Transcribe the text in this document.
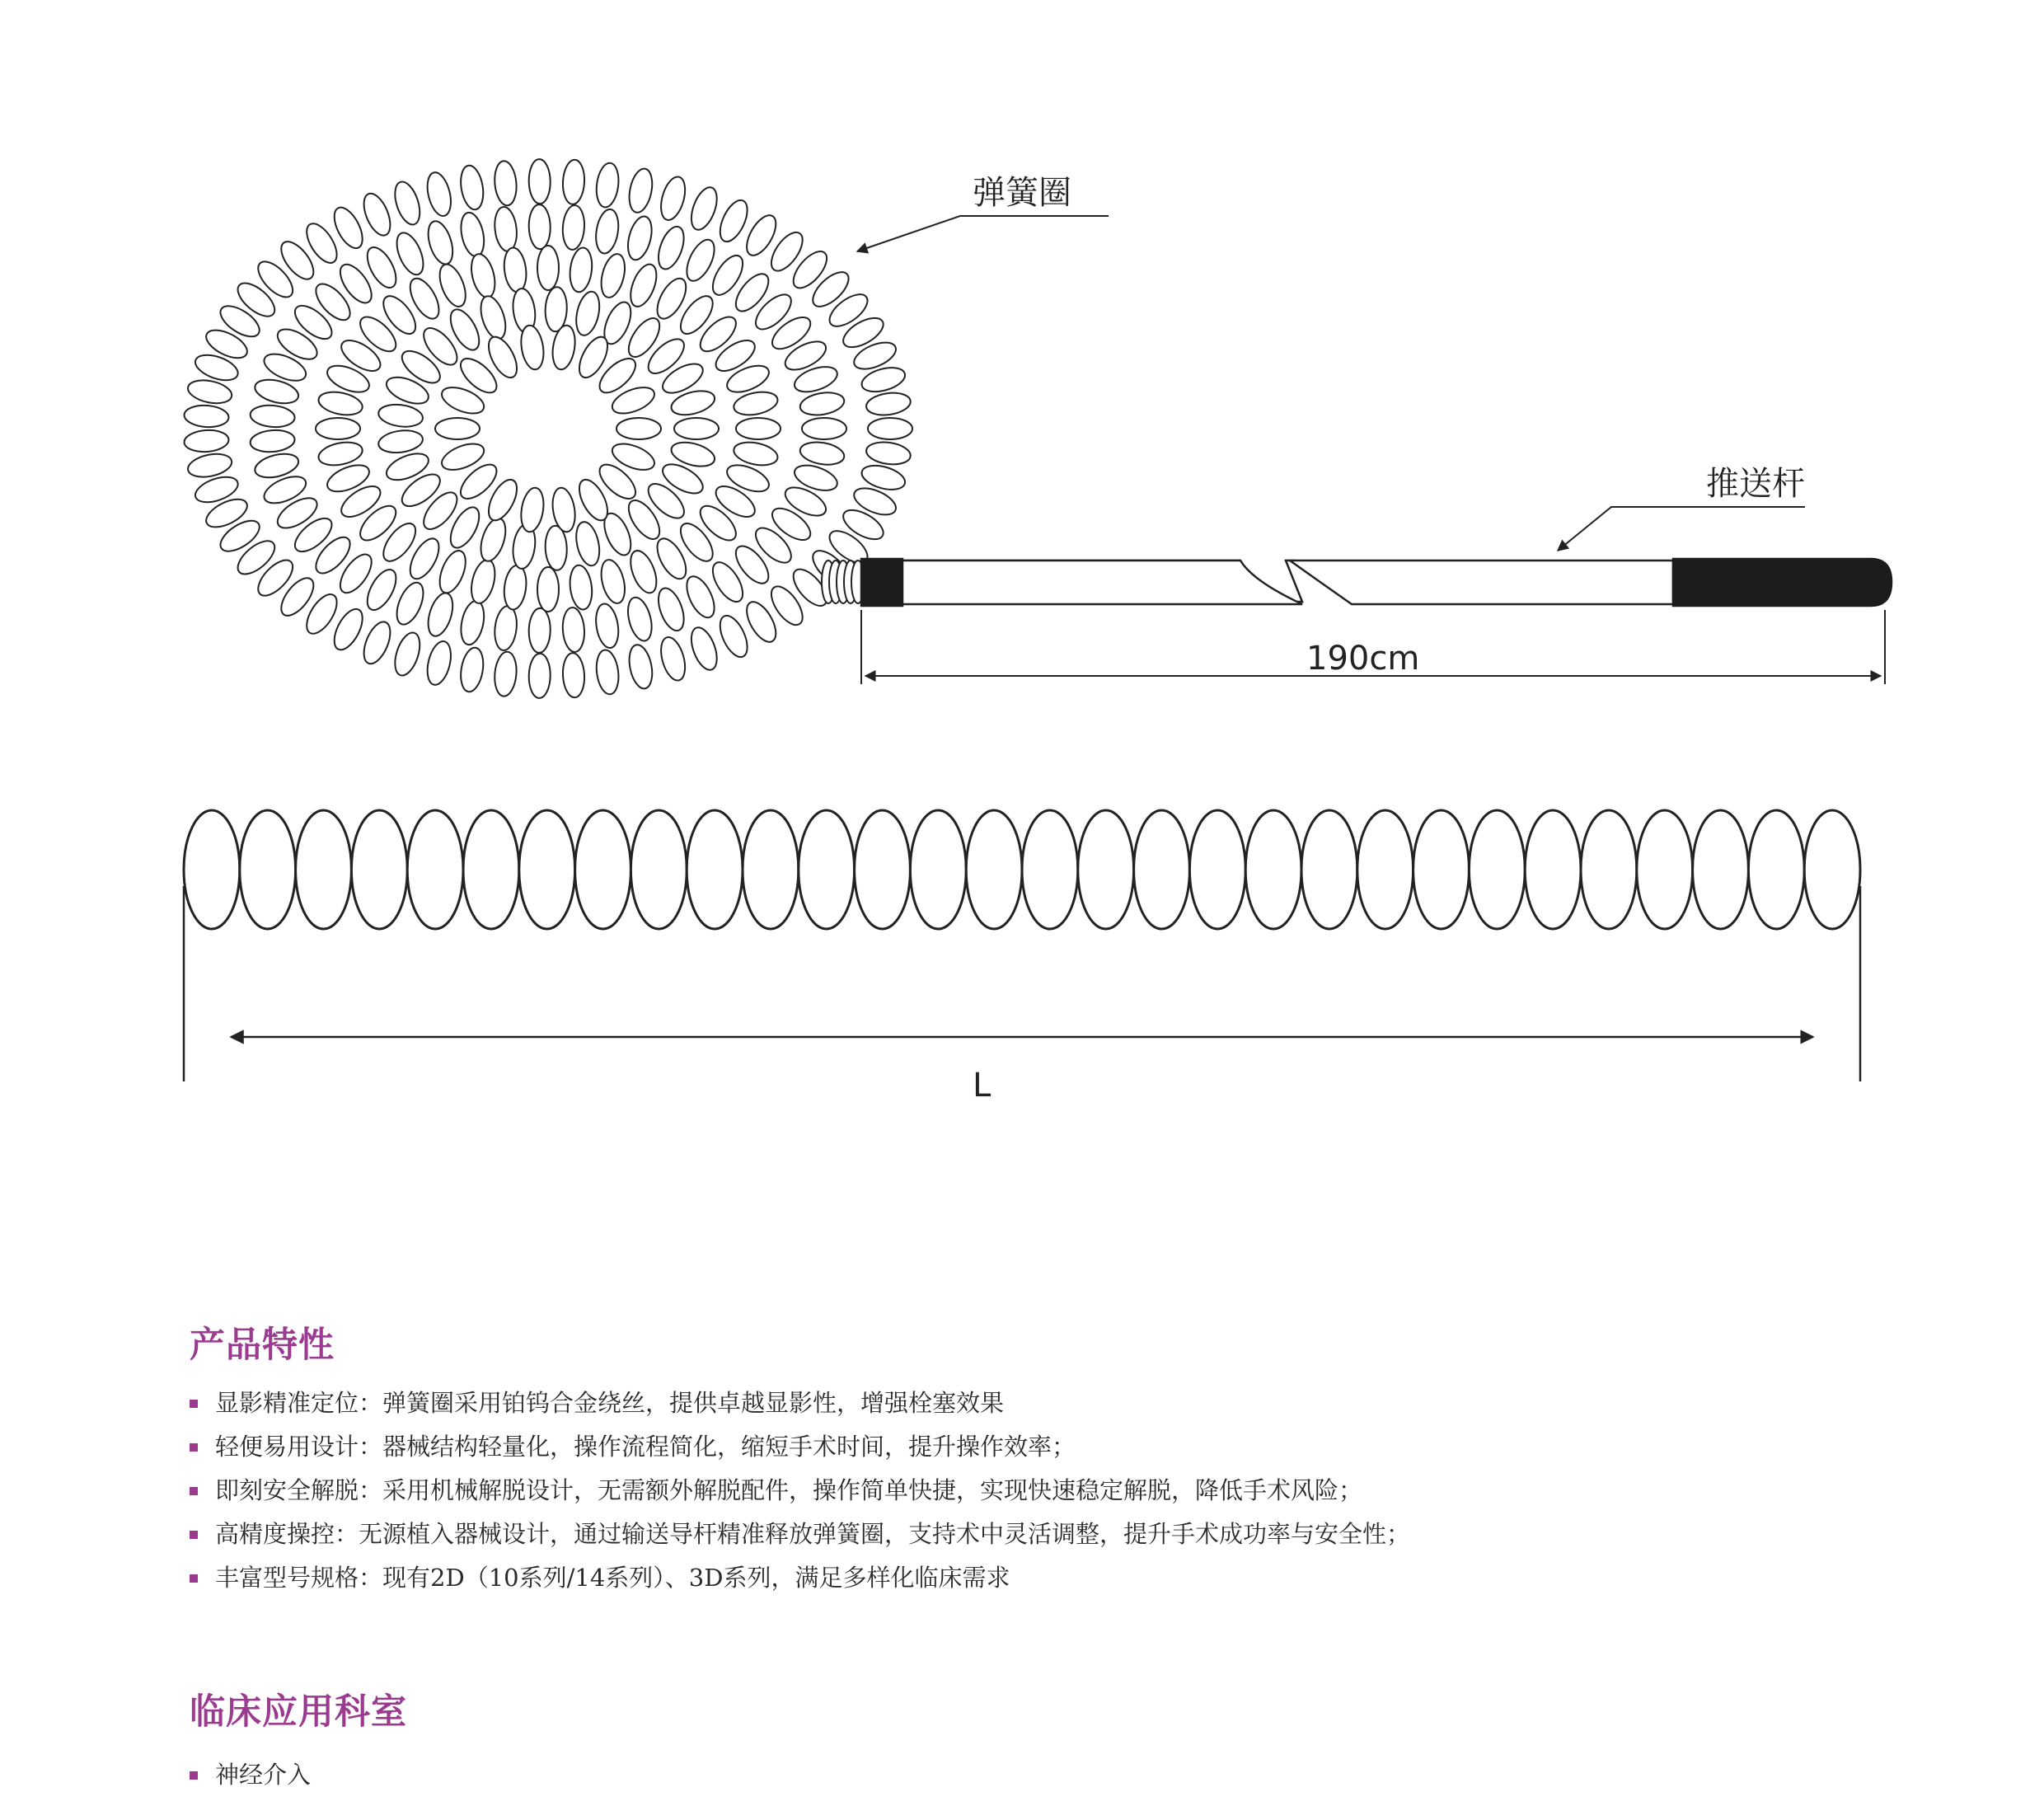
弹簧圈
推送杆
190cm
L
产品特性
显影精准定位：弹簧圈采用铂钨合金绕丝，提供卓越显影性，增强栓塞效果
轻便易用设计：器械结构轻量化，操作流程简化，缩短手术时间，提升操作效率；
即刻安全解脱：采用机械解脱设计，无需额外解脱配件，操作简单快捷，实现快速稳定解脱，降低手术风险；
高精度操控：无源植入器械设计，通过输送导杆精准释放弹簧圈，支持术中灵活调整，提升手术成功率与安全性；
丰富型号规格：现有2D（10系列/14系列）、3D系列，满足多样化临床需求
临床应用科室
神经介入
